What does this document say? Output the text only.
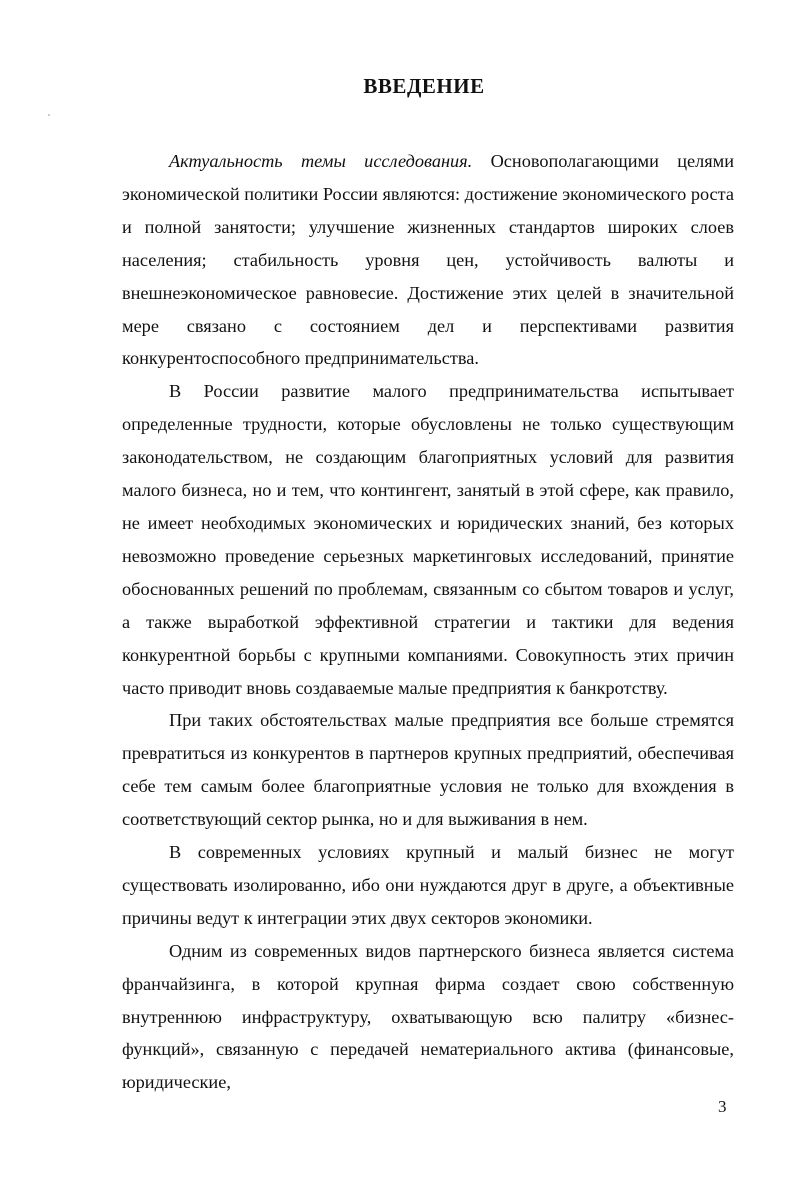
ВВЕДЕНИЕ

Актуальность темы исследования. Основополагающими целями экономической политики России являются: достижение экономического роста и полной занятости; улучшение жизненных стандартов широких слоев населения; стабильность уровня цен, устойчивость валюты и внешнеэкономическое равновесие. Достижение этих целей в значительной мере связано с состоянием дел и перспективами развития конкурентоспособного предпринимательства.

В России развитие малого предпринимательства испытывает определенные трудности, которые обусловлены не только существующим законодательством, не создающим благоприятных условий для развития малого бизнеса, но и тем, что контингент, занятый в этой сфере, как правило, не имеет необходимых экономических и юридических знаний, без которых невозможно проведение серьезных маркетинговых исследований, принятие обоснованных решений по проблемам, связанным со сбытом товаров и услуг, а также выработкой эффективной стратегии и тактики для ведения конкурентной борьбы с крупными компаниями. Совокупность этих причин часто приводит вновь создаваемые малые предприятия к банкротству.

При таких обстоятельствах малые предприятия все больше стремятся превратиться из конкурентов в партнеров крупных предприятий, обеспечивая себе тем самым более благоприятные условия не только для вхождения в соответствующий сектор рынка, но и для выживания в нем.

В современных условиях крупный и малый бизнес не могут существовать изолированно, ибо они нуждаются друг в друге, а объективные причины ведут к интеграции этих двух секторов экономики.

Одним из современных видов партнерского бизнеса является система франчайзинга, в которой крупная фирма создает свою собственную внутреннюю инфраструктуру, охватывающую всю палитру «бизнес-функций», связанную с передачей нематериального актива (финансовые, юридические,

3
